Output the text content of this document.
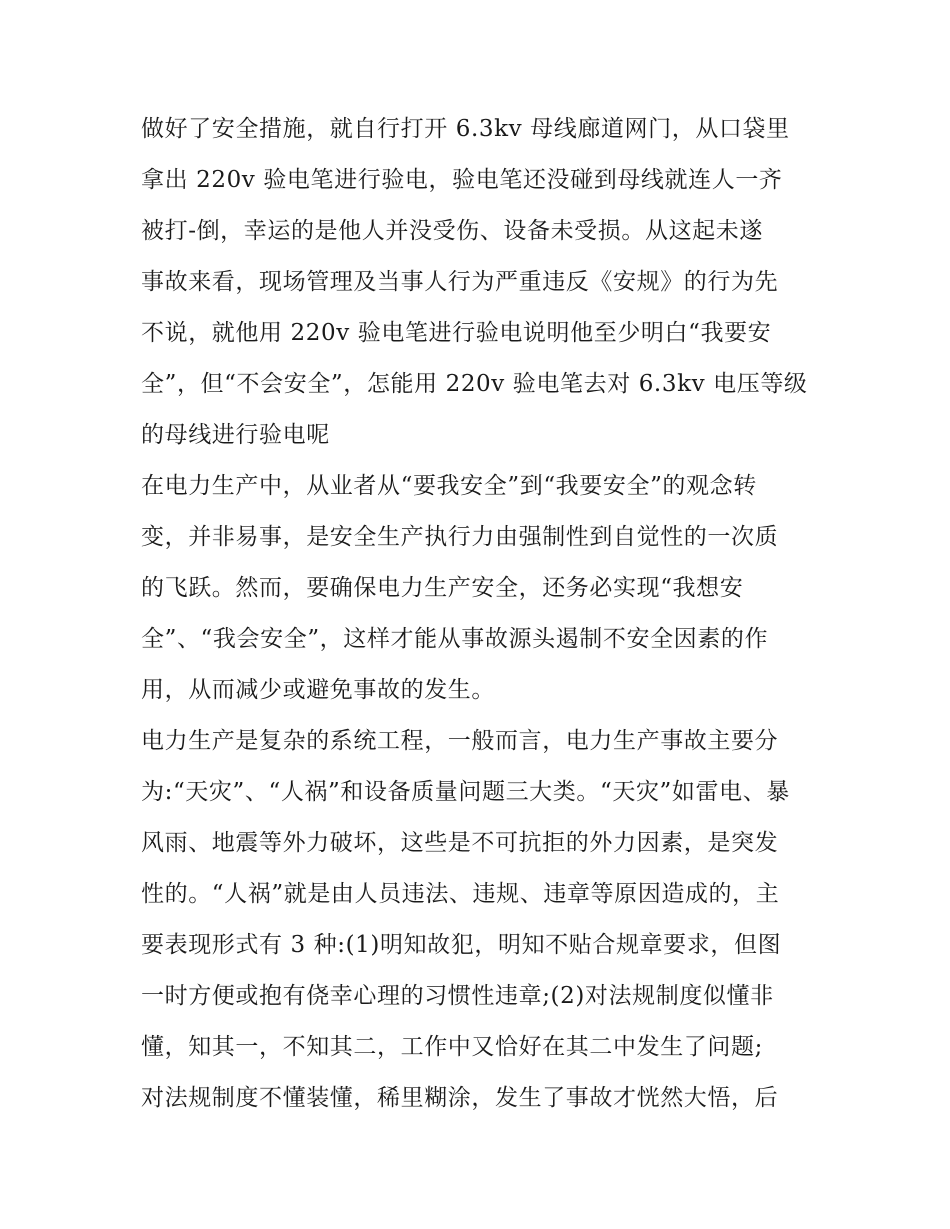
做好了安全措施，就自行打开 6.3kv 母线廊道网门，从口袋里

拿出 220v 验电笔进行验电，验电笔还没碰到母线就连人一齐

被打-倒，幸运的是他人并没受伤、设备未受损。从这起未遂

事故来看，现场管理及当事人行为严重违反《安规》的行为先

不说，就他用 220v 验电笔进行验电说明他至少明白“我要安

全”，但“不会安全”，怎能用 220v 验电笔去对 6.3kv 电压等级

的母线进行验电呢

在电力生产中，从业者从“要我安全”到“我要安全”的观念转

变，并非易事，是安全生产执行力由强制性到自觉性的一次质

的飞跃。然而，要确保电力生产安全，还务必实现“我想安

全”、“我会安全”，这样才能从事故源头遏制不安全因素的作

用，从而减少或避免事故的发生。

电力生产是复杂的系统工程，一般而言，电力生产事故主要分

为:“天灾”、“人祸”和设备质量问题三大类。“天灾”如雷电、暴

风雨、地震等外力破坏，这些是不可抗拒的外力因素，是突发

性的。“人祸”就是由人员违法、违规、违章等原因造成的，主

要表现形式有 3 种:(1)明知故犯，明知不贴合规章要求，但图

一时方便或抱有侥幸心理的习惯性违章;(2)对法规制度似懂非

懂，知其一，不知其二，工作中又恰好在其二中发生了问题;

对法规制度不懂装懂，稀里糊涂，发生了事故才恍然大悟，后
